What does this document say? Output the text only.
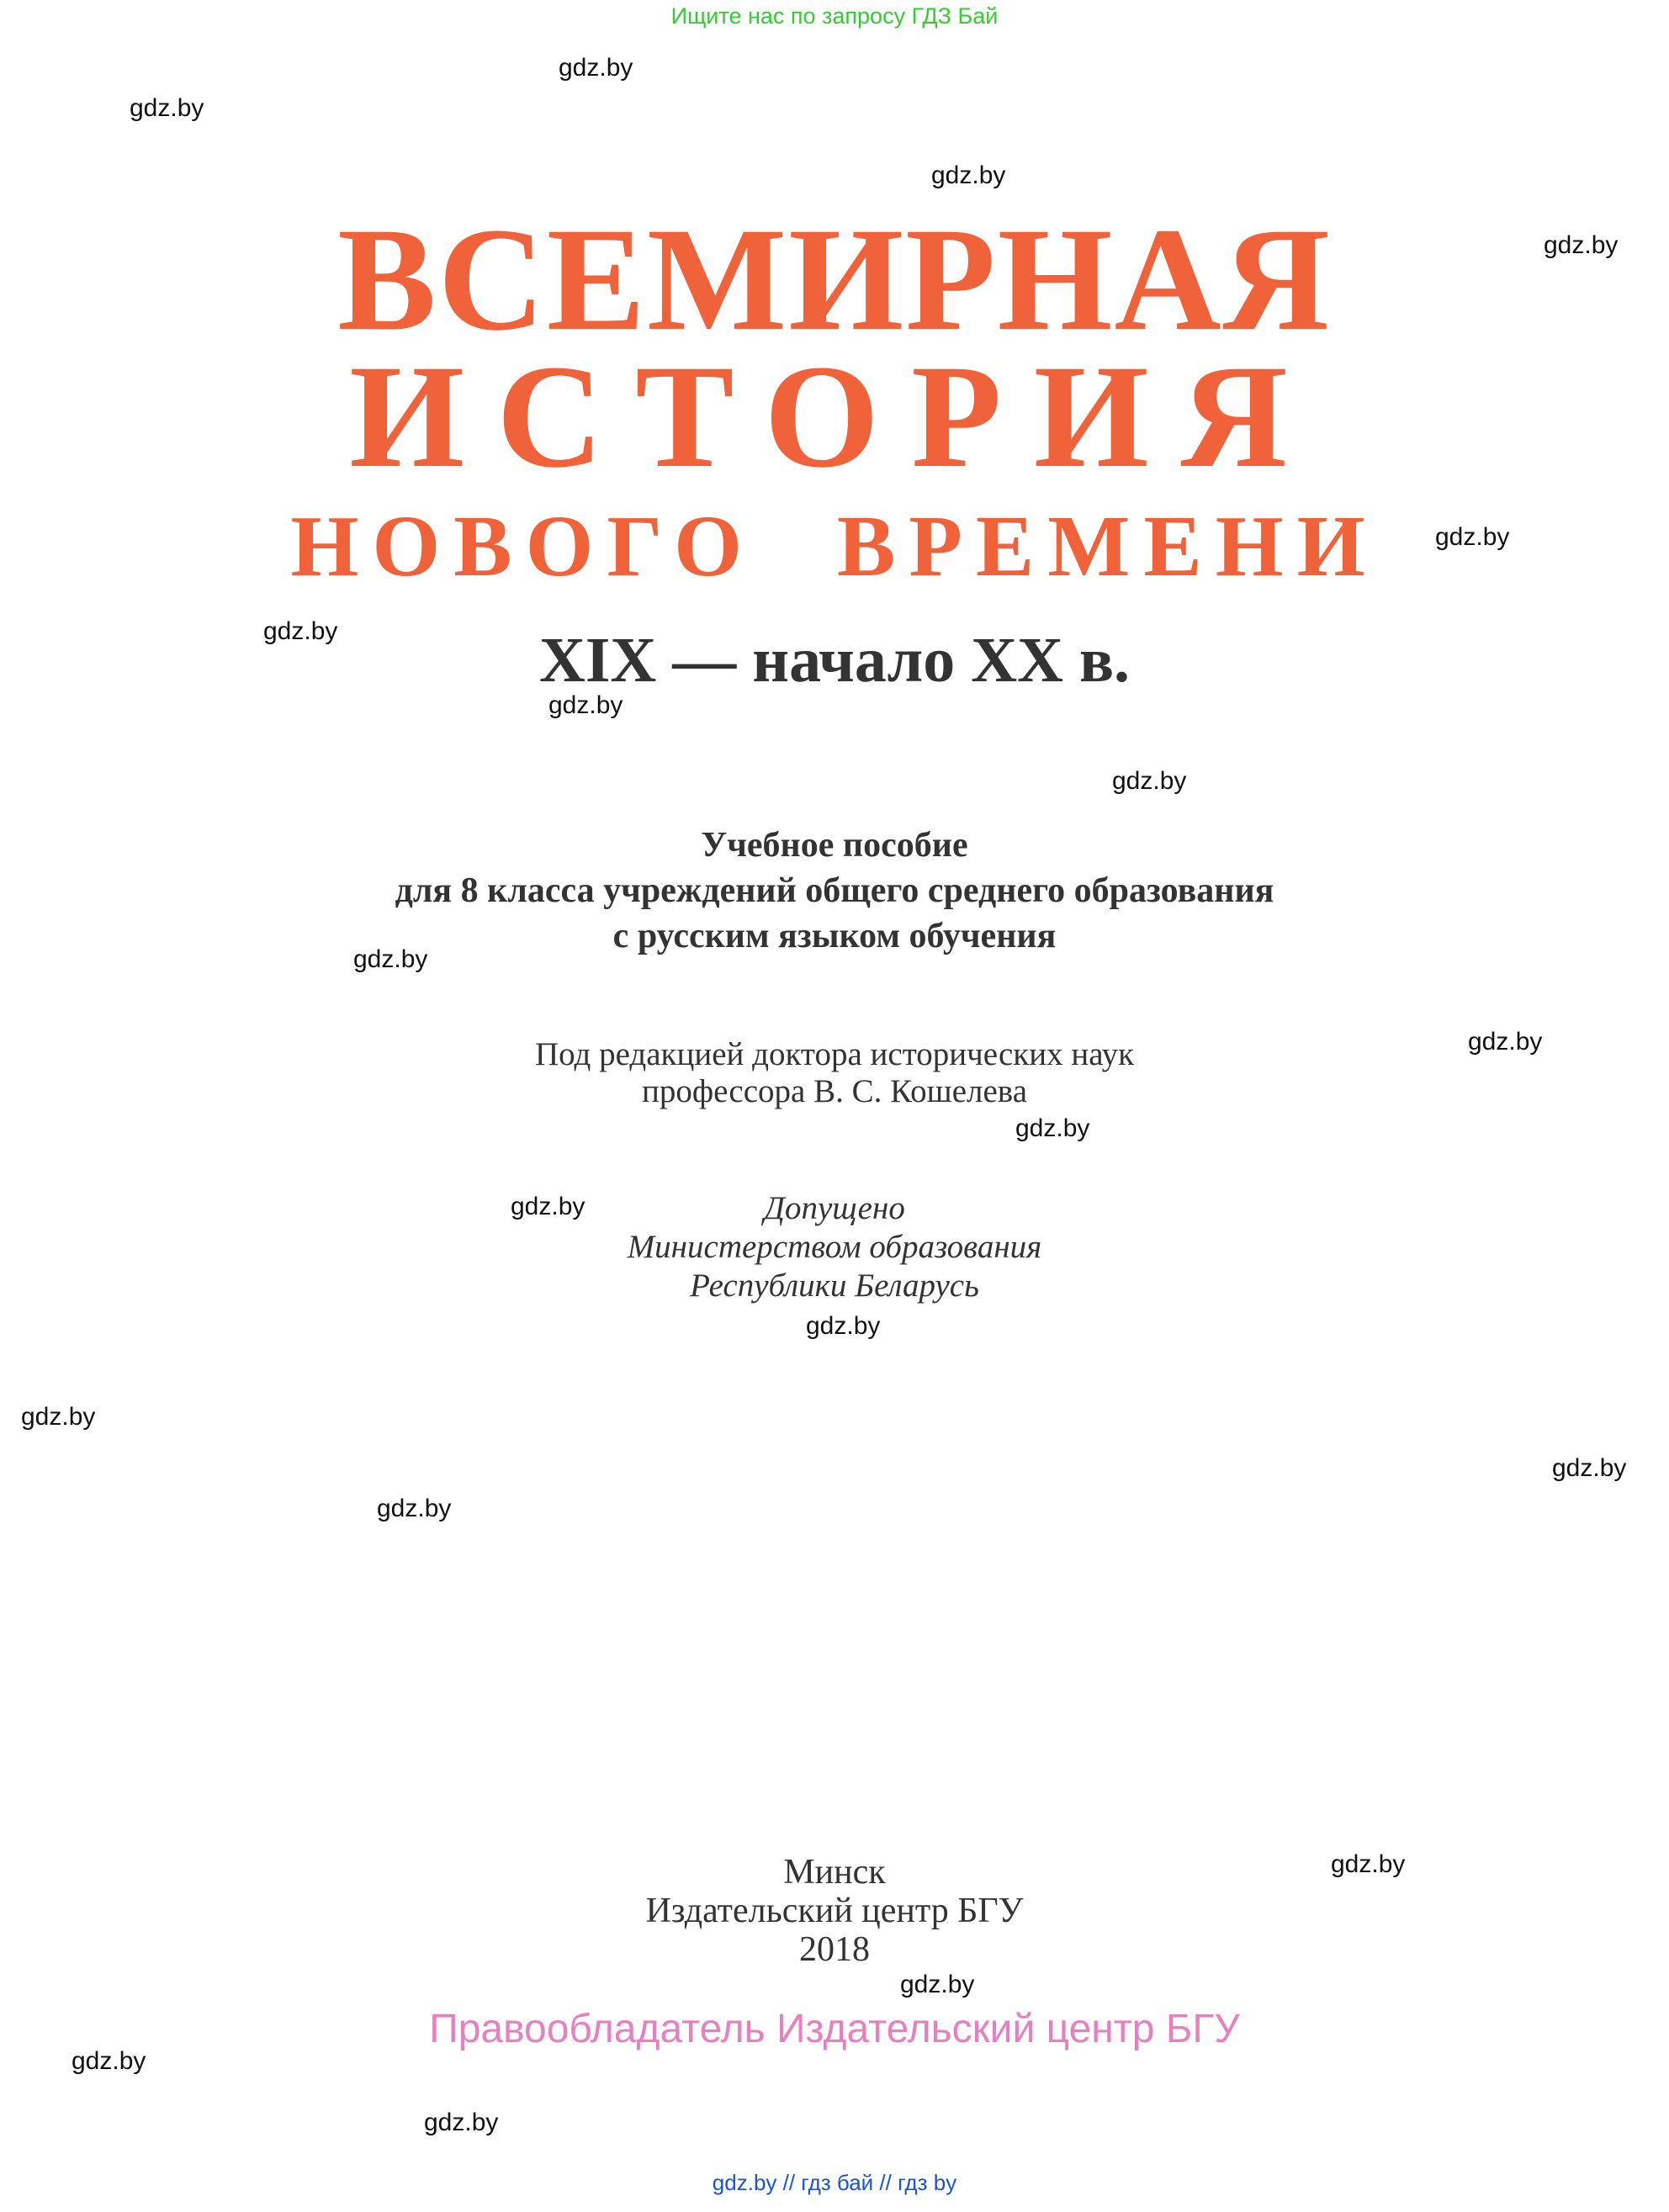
Ищите нас по запросу ГДЗ Бай
ВСЕМИРНАЯ
ИСТОРИЯ
НОВОГО ВРЕМЕНИ
XIX — начало XX в.
Учебное пособие
для 8 класса учреждений общего среднего образования
с русским языком обучения
Под редакцией доктора исторических наук
профессора В. С. Кошелева
Допущено
Министерством образования
Республики Беларусь
Минск
Издательский центр БГУ
2018
Правообладатель Издательский центр БГУ
gdz.by // гдз бай // гдз by
gdz.by
gdz.by
gdz.by
gdz.by
gdz.by
gdz.by
gdz.by
gdz.by
gdz.by
gdz.by
gdz.by
gdz.by
gdz.by
gdz.by
gdz.by
gdz.by
gdz.by
gdz.by
gdz.by
gdz.by
